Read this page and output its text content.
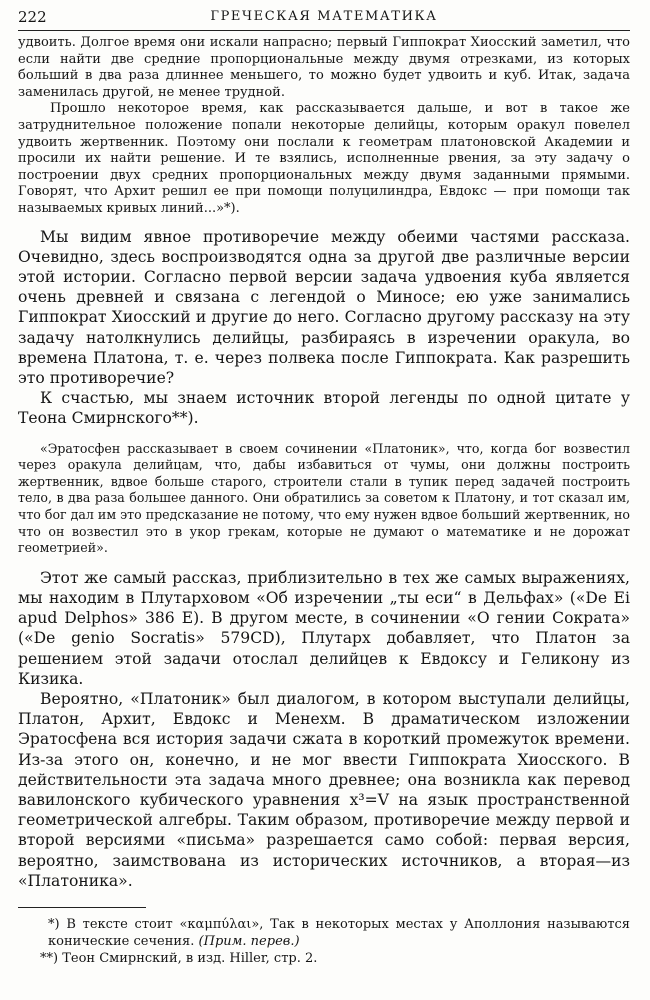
222	ГРЕЧЕСКАЯ МАТЕМАТИКА

удвоить. Долгое время они искали напрасно; первый Гиппократ Хиосский заметил, что если найти две средние пропорциональные между двумя отрезками, из которых больший в два раза длиннее меньшего, то можно будет удвоить и куб. Итак, задача заменилась другой, не менее трудной.

Прошло некоторое время, как рассказывается дальше, и вот в такое же затруднительное положение попали некоторые делийцы, которым оракул повелел удвоить жертвенник. Поэтому они послали к геометрам платоновской Академии и просили их найти решение. И те взялись, исполненные рвения, за эту задачу о построении двух средних пропорциональных между двумя заданными прямыми. Говорят, что Архит решил ее при помощи полуцилиндра, Евдокс — при помощи так называемых кривых линий...»*).

Мы видим явное противоречие между обеими частями рассказа. Очевидно, здесь воспроизводятся одна за другой две различные версии этой истории. Согласно первой версии задача удвоения куба является очень древней и связана с легендой о Миносе; ею уже занимались Гиппократ Хиосский и другие до него. Согласно другому рассказу на эту задачу натолкнулись делийцы, разбираясь в изречении оракула, во времена Платона, т. е. через полвека после Гиппократа. Как разрешить это противоречие?

К счастью, мы знаем источник второй легенды по одной цитате у Теона Смирнского**).

«Эратосфен рассказывает в своем сочинении «Платоник», что, когда бог возвестил через оракула делийцам, что, дабы избавиться от чумы, они должны построить жертвенник, вдвое больше старого, строители стали в тупик перед задачей построить тело, в два раза большее данного. Они обратились за советом к Платону, и тот сказал им, что бог дал им это предсказание не потому, что ему нужен вдвое больший жертвенник, но что он возвестил это в укор грекам, которые не думают о математике и не дорожат геометрией».

Этот же самый рассказ, приблизительно в тех же самых выражениях, мы находим в Плутарховом «Об изречении „ты еси“ в Дельфах» («De Ei apud Delphos» 386 E). В другом месте, в сочинении «О гении Сократа» («De genio Socratis» 579CD), Плутарх добавляет, что Платон за решением этой задачи отослал делийцев к Евдоксу и Геликону из Кизика.

Вероятно, «Платоник» был диалогом, в котором выступали делийцы, Платон, Архит, Евдокс и Менехм. В драматическом изложении Эратосфена вся история задачи сжата в короткий промежуток времени. Из-за этого он, конечно, и не мог ввести Гиппократа Хиосского. В действительности эта задача много древнее; она возникла как перевод вавилонского кубического уравнения x³=V на язык пространственной геометрической алгебры. Таким образом, противоречие между первой и второй версиями «письма» разрешается само собой: первая версия, вероятно, заимствована из исторических источников, а вторая—из «Платоника».

*) В тексте стоит «καμπύλαι», Так в некоторых местах у Аполлония называются конические сечения. (Прим. перев.)

**) Теон Смирнский, в изд. Hiller, стр. 2.
